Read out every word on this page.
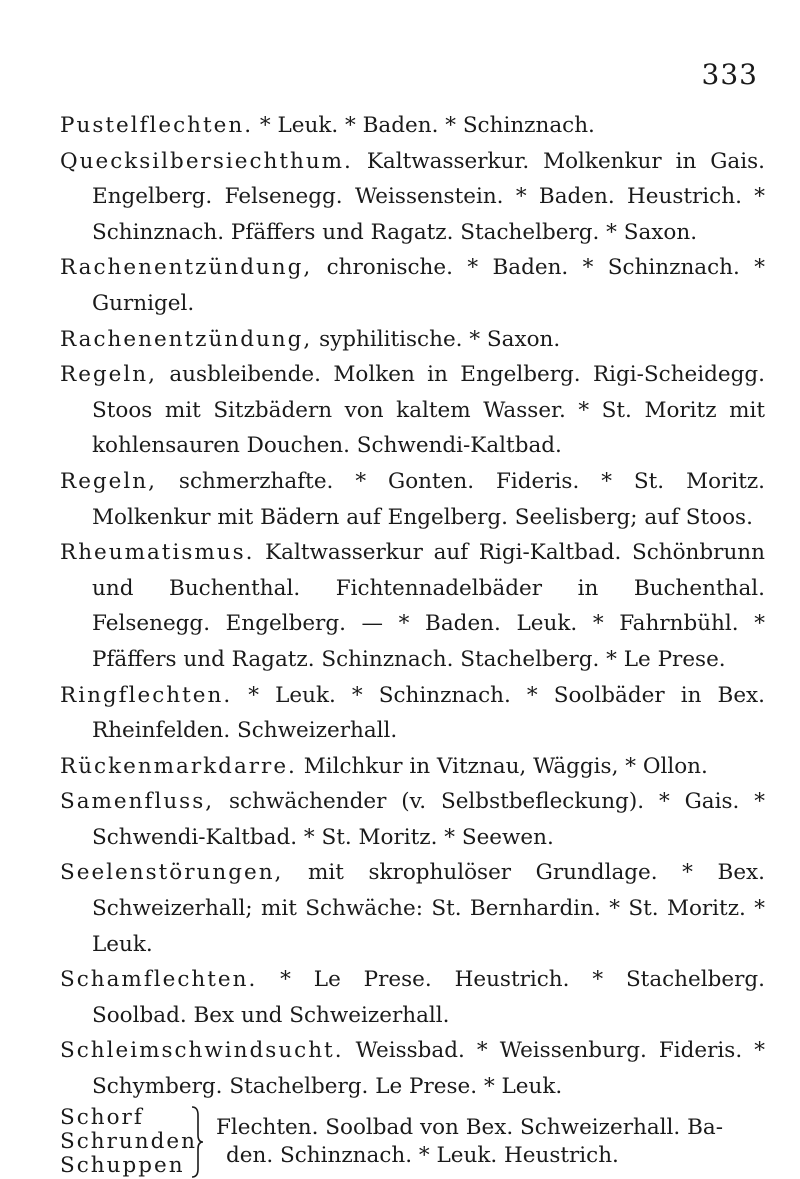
333
Pustelflechten. * Leuk. * Baden. * Schinznach.
Quecksilbersiechthum. Kaltwasserkur. Molkenkur in Gais. Engelberg. Felsenegg. Weissenstein. * Baden. Heustrich. * Schinznach. Pfäffers und Ragatz. Stachelberg. * Saxon.
Rachenentzündung, chronische. * Baden. * Schinznach. * Gurnigel.
Rachenentzündung, syphilitische. * Saxon.
Regeln, ausbleibende. Molken in Engelberg. Rigi-Scheidegg. Stoos mit Sitzbädern von kaltem Wasser. * St. Moritz mit kohlensauren Douchen. Schwendi-Kaltbad.
Regeln, schmerzhafte. * Gonten. Fideris. * St. Moritz. Molkenkur mit Bädern auf Engelberg. Seelisberg; auf Stoos.
Rheumatismus. Kaltwasserkur auf Rigi-Kaltbad. Schönbrunn und Buchenthal. Fichtennadelbäder in Buchenthal. Felsenegg. Engelberg. — * Baden. Leuk. * Fahrnbühl. * Pfäffers und Ragatz. Schinznach. Stachelberg. * Le Prese.
Ringflechten. * Leuk. * Schinznach. * Soolbäder in Bex. Rheinfelden. Schweizerhall.
Rückenmarkdarre. Milchkur in Vitznau, Wäggis, * Ollon.
Samenfluss, schwächender (v. Selbstbefleckung). * Gais. * Schwendi-Kaltbad. * St. Moritz. * Seewen.
Seelenstörungen, mit skrophulöser Grundlage. * Bex. Schweizerhall; mit Schwäche: St. Bernhardin. * St. Moritz. * Leuk.
Schamflechten. * Le Prese. Heustrich. * Stachelberg. Soolbad. Bex und Schweizerhall.
Schleimschwindsucht. Weissbad. * Weissenburg. Fideris. * Schymberg. Stachelberg. Le Prese. * Leuk.
Schorf
Schrunden
Schuppen
Flechten. Soolbad von Bex. Schweizerhall. Ba-
den. Schinznach. * Leuk. Heustrich.
